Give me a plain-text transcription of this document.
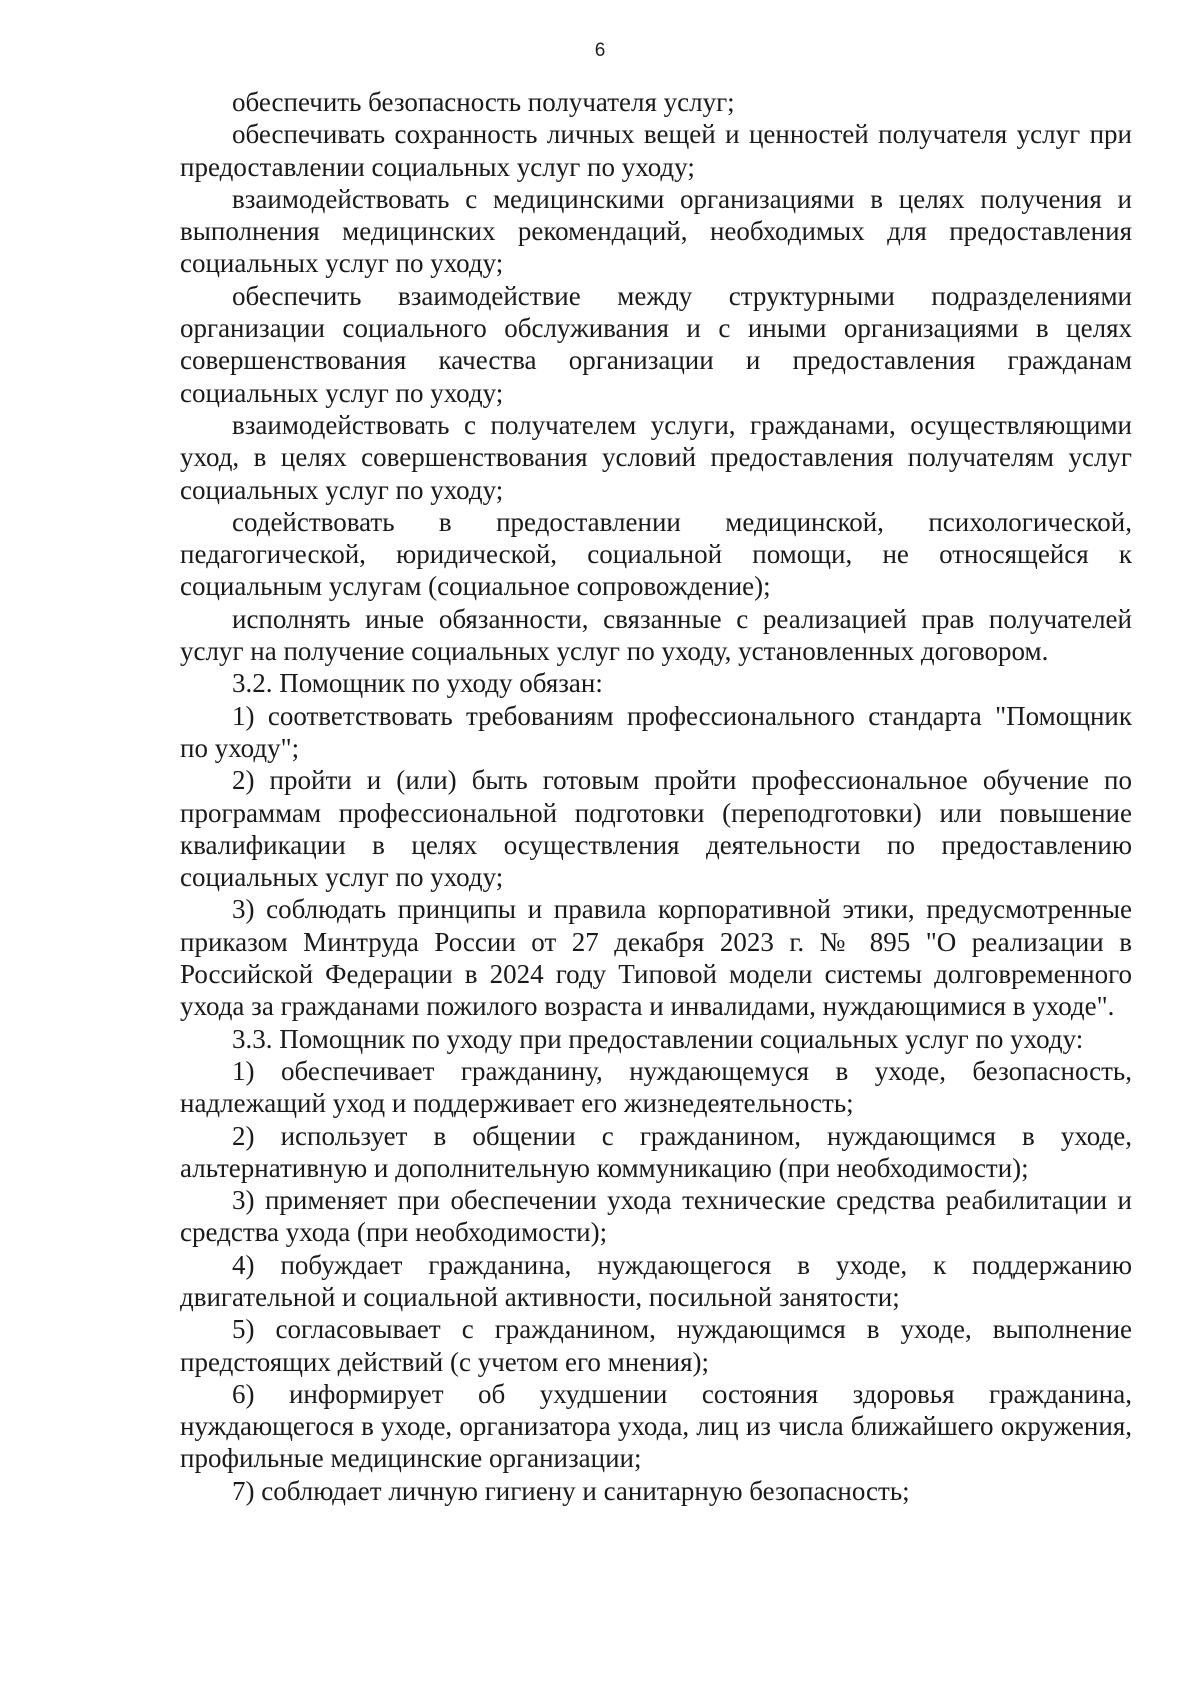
6

обеспечить безопасность получателя услуг;

обеспечивать сохранность личных вещей и ценностей получателя услуг при предоставлении социальных услуг по уходу;

взаимодействовать с медицинскими организациями в целях получения и выполнения медицинских рекомендаций, необходимых для предоставления социальных услуг по уходу;

обеспечить взаимодействие между структурными подразделениями организации социального обслуживания и с иными организациями в целях совершенствования качества организации и предоставления гражданам социальных услуг по уходу;

взаимодействовать с получателем услуги, гражданами, осуществляющими уход, в целях совершенствования условий предоставления получателям услуг социальных услуг по уходу;

содействовать в предоставлении медицинской, психологической, педагогической, юридической, социальной помощи, не относящейся к социальным услугам (социальное сопровождение);

исполнять иные обязанности, связанные с реализацией прав получателей услуг на получение социальных услуг по уходу, установленных договором.

3.2. Помощник по уходу обязан:

1) соответствовать требованиям профессионального стандарта "Помощник по уходу";

2) пройти и (или) быть готовым пройти профессиональное обучение по программам профессиональной подготовки (переподготовки) или повышение квалификации в целях осуществления деятельности по предоставлению социальных услуг по уходу;

3) соблюдать принципы и правила корпоративной этики, предусмотренные приказом Минтруда России от 27 декабря 2023 г. № 895 "О реализации в Российской Федерации в 2024 году Типовой модели системы долговременного ухода за гражданами пожилого возраста и инвалидами, нуждающимися в уходе".

3.3. Помощник по уходу при предоставлении социальных услуг по уходу:

1) обеспечивает гражданину, нуждающемуся в уходе, безопасность, надлежащий уход и поддерживает его жизнедеятельность;

2) использует в общении с гражданином, нуждающимся в уходе, альтернативную и дополнительную коммуникацию (при необходимости);

3) применяет при обеспечении ухода технические средства реабилитации и средства ухода (при необходимости);

4) побуждает гражданина, нуждающегося в уходе, к поддержанию двигательной и социальной активности, посильной занятости;

5) согласовывает с гражданином, нуждающимся в уходе, выполнение предстоящих действий (с учетом его мнения);

6) информирует об ухудшении состояния здоровья гражданина, нуждающегося в уходе, организатора ухода, лиц из числа ближайшего окружения, профильные медицинские организации;

7) соблюдает личную гигиену и санитарную безопасность;
